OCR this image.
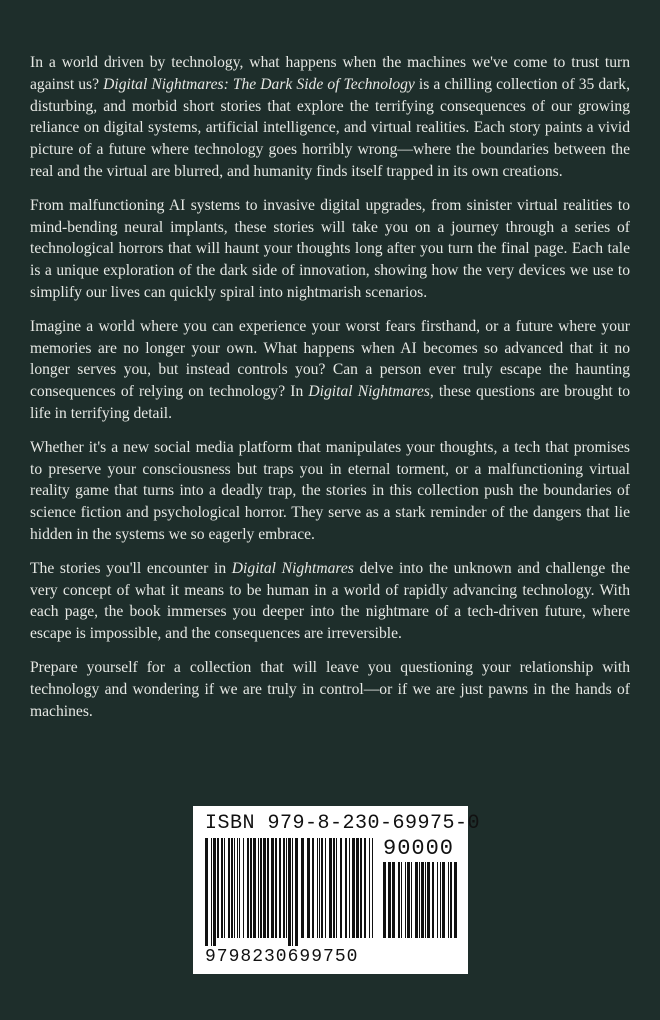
In a world driven by technology, what happens when the machines we've come to trust turn against us? Digital Nightmares: The Dark Side of Technology is a chilling collection of 35 dark, disturbing, and morbid short stories that explore the terrifying consequences of our growing reliance on digital systems, artificial intelligence, and virtual realities. Each story paints a vivid picture of a future where technology goes horribly wrong—where the boundaries between the real and the virtual are blurred, and humanity finds itself trapped in its own creations.

From malfunctioning AI systems to invasive digital upgrades, from sinister virtual realities to mind-bending neural implants, these stories will take you on a journey through a series of technological horrors that will haunt your thoughts long after you turn the final page. Each tale is a unique exploration of the dark side of innovation, showing how the very devices we use to simplify our lives can quickly spiral into nightmarish scenarios.

Imagine a world where you can experience your worst fears firsthand, or a future where your memories are no longer your own. What happens when AI becomes so advanced that it no longer serves you, but instead controls you? Can a person ever truly escape the haunting consequences of relying on technology? In Digital Nightmares, these questions are brought to life in terrifying detail.

Whether it's a new social media platform that manipulates your thoughts, a tech that promises to preserve your consciousness but traps you in eternal torment, or a malfunctioning virtual reality game that turns into a deadly trap, the stories in this collection push the boundaries of science fiction and psychological horror. They serve as a stark reminder of the dangers that lie hidden in the systems we so eagerly embrace.

The stories you'll encounter in Digital Nightmares delve into the unknown and challenge the very concept of what it means to be human in a world of rapidly advancing technology. With each page, the book immerses you deeper into the nightmare of a tech-driven future, where escape is impossible, and the consequences are irreversible.

Prepare yourself for a collection that will leave you questioning your relationship with technology and wondering if we are truly in control—or if we are just pawns in the hands of machines.

ISBN 979-8-230-69975-0
90000
9798230699750
